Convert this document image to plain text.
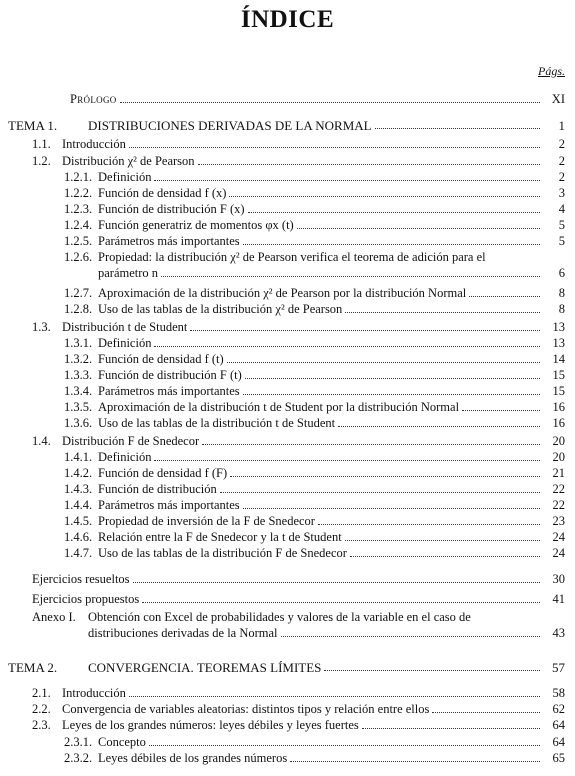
ÍNDICE
Págs.
Prólogo	XI
TEMA 1.	DISTRIBUCIONES DERIVADAS DE LA NORMAL	1
1.1. Introducción	2
1.2. Distribución χ² de Pearson	2
1.2.1. Definición	2
1.2.2. Función de densidad f (x)	3
1.2.3. Función de distribución F (x)	4
1.2.4. Función generatriz de momentos φx (t)	5
1.2.5. Parámetros más importantes	5
1.2.6. Propiedad: la distribución χ² de Pearson verifica el teorema de adición para el
parámetro n	6
1.2.7. Aproximación de la distribución χ² de Pearson por la distribución Normal	8
1.2.8. Uso de las tablas de la distribución χ² de Pearson	8
1.3. Distribución t de Student	13
1.3.1. Definición	13
1.3.2. Función de densidad f (t)	14
1.3.3. Función de distribución F (t)	15
1.3.4. Parámetros más importantes	15
1.3.5. Aproximación de la distribución t de Student por la distribución Normal	16
1.3.6. Uso de las tablas de la distribución t de Student	16
1.4. Distribución F de Snedecor	20
1.4.1. Definición	20
1.4.2. Función de densidad f (F)	21
1.4.3. Función de distribución	22
1.4.4. Parámetros más importantes	22
1.4.5. Propiedad de inversión de la F de Snedecor	23
1.4.6. Relación entre la F de Snedecor y la t de Student	24
1.4.7. Uso de las tablas de la distribución F de Snedecor	24
Ejercicios resueltos	30
Ejercicios propuestos	41
Anexo I. Obtención con Excel de probabilidades y valores de la variable en el caso de
distribuciones derivadas de la Normal	43
TEMA 2.	CONVERGENCIA. TEOREMAS LÍMITES	57
2.1. Introducción	58
2.2. Convergencia de variables aleatorias: distintos tipos y relación entre ellos	62
2.3. Leyes de los grandes números: leyes débiles y leyes fuertes	64
2.3.1. Concepto	64
2.3.2. Leyes débiles de los grandes números	65
